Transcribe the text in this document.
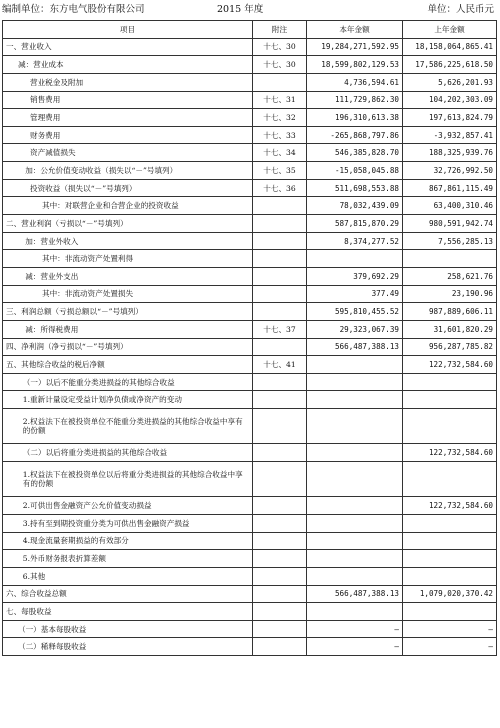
编制单位：东方电气股份有限公司	2015 年度	单位：人民币元
项目	附注	本年金额	上年金额
一、营业收入	十七、30	19,284,271,592.95	18,158,064,865.41
减：营业成本	十七、30	18,599,802,129.53	17,586,225,618.50
营业税金及附加		4,736,594.61	5,626,201.93
销售费用	十七、31	111,729,862.30	104,202,303.09
管理费用	十七、32	196,310,613.38	197,613,824.79
财务费用	十七、33	-265,868,797.86	-3,932,857.41
资产减值损失	十七、34	546,385,828.70	188,325,939.76
加：公允价值变动收益（损失以“－”号填列）	十七、35	-15,058,045.88	32,726,992.50
投资收益（损失以“－”号填列）	十七、36	511,698,553.88	867,861,115.49
其中：对联营企业和合营企业的投资收益		78,032,439.09	63,400,310.46
二、营业利润（亏损以“－”号填列）		587,815,870.29	980,591,942.74
加：营业外收入		8,374,277.52	7,556,285.13
其中：非流动资产处置利得			
减：营业外支出		379,692.29	258,621.76
其中：非流动资产处置损失		377.49	23,190.96
三、利润总额（亏损总额以“－”号填列）		595,810,455.52	987,889,606.11
减：所得税费用	十七、37	29,323,067.39	31,601,820.29
四、净利润（净亏损以“－”号填列）		566,487,388.13	956,287,785.82
五、其他综合收益的税后净额	十七、41		122,732,584.60
（一）以后不能重分类进损益的其他综合收益			
1.重新计量设定受益计划净负债或净资产的变动			
2.权益法下在被投资单位不能重分类进损益的其他综合收益中享有的份额			
（二）以后将重分类进损益的其他综合收益			122,732,584.60
1.权益法下在被投资单位以后将重分类进损益的其他综合收益中享有的份额			
2.可供出售金融资产公允价值变动损益			122,732,584.60
3.持有至到期投资重分类为可供出售金融资产损益			
4.现金流量套期损益的有效部分			
5.外币财务报表折算差额			
6.其他			
六、综合收益总额		566,487,388.13	1,079,020,370.42
七、每股收益			
（一）基本每股收益		—	—
（二）稀释每股收益		—	—
